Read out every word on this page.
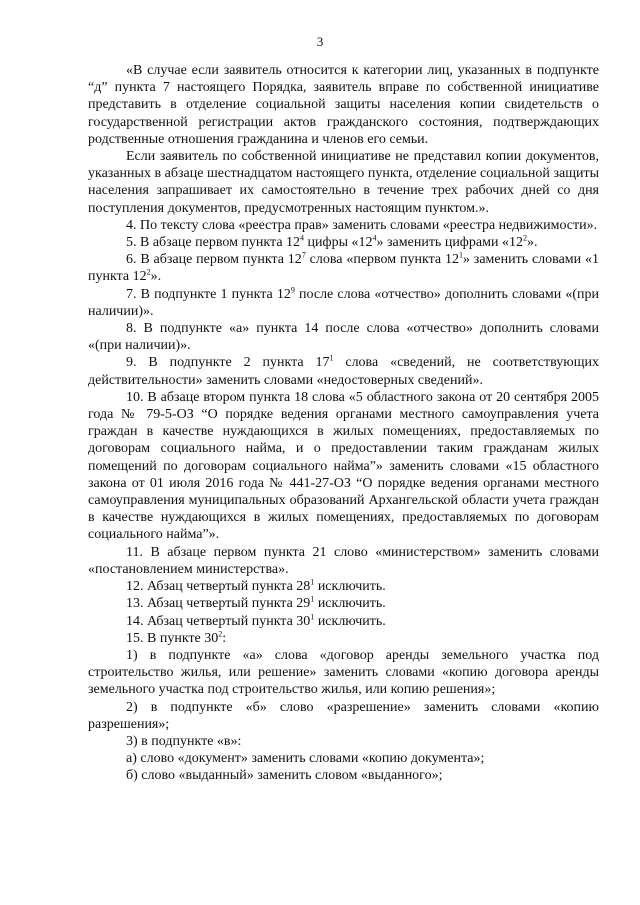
3

«В случае если заявитель относится к категории лиц, указанных в подпункте “д” пункта 7 настоящего Порядка, заявитель вправе по собственной инициативе представить в отделение социальной защиты населения копии свидетельств о государственной регистрации актов гражданского состояния, подтверждающих родственные отношения гражданина и членов его семьи.

Если заявитель по собственной инициативе не представил копии документов, указанных в абзаце шестнадцатом настоящего пункта, отделение социальной защиты населения запрашивает их самостоятельно в течение трех рабочих дней со дня поступления документов, предусмотренных настоящим пунктом.».

4. По тексту слова «реестра прав» заменить словами «реестра недвижимости».

5. В абзаце первом пункта $12^4$ цифры «$12^4$» заменить цифрами «$12^2$».

6. В абзаце первом пункта $12^7$ слова «первом пункта $12^1$» заменить словами «1 пункта $12^2$».

7. В подпункте 1 пункта $12^9$ после слова «отчество» дополнить словами «(при наличии)».

8. В подпункте «а» пункта 14 после слова «отчество» дополнить словами «(при наличии)».

9. В подпункте 2 пункта $17^1$ слова «сведений, не соответствующих действительности» заменить словами «недостоверных сведений».

10. В абзаце втором пункта 18 слова «5 областного закона от 20 сентября 2005 года № 79-5-ОЗ “О порядке ведения органами местного самоуправления учета граждан в качестве нуждающихся в жилых помещениях, предоставляемых по договорам социального найма, и о предоставлении таким гражданам жилых помещений по договорам социального найма”» заменить словами «15 областного закона от 01 июля 2016 года № 441-27-ОЗ “О порядке ведения органами местного самоуправления муниципальных образований Архангельской области учета граждан в качестве нуждающихся в жилых помещениях, предоставляемых по договорам социального найма”».

11. В абзаце первом пункта 21 слово «министерством» заменить словами «постановлением министерства».

12. Абзац четвертый пункта $28^1$ исключить.

13. Абзац четвертый пункта $29^1$ исключить.

14. Абзац четвертый пункта $30^1$ исключить.

15. В пункте $30^2$:

1) в подпункте «а» слова «договор аренды земельного участка под строительство жилья, или решение» заменить словами «копию договора аренды земельного участка под строительство жилья, или копию решения»;

2) в подпункте «б» слово «разрешение» заменить словами «копию разрешения»;

3) в подпункте «в»:

а) слово «документ» заменить словами «копию документа»;

б) слово «выданный» заменить словом «выданного»;
